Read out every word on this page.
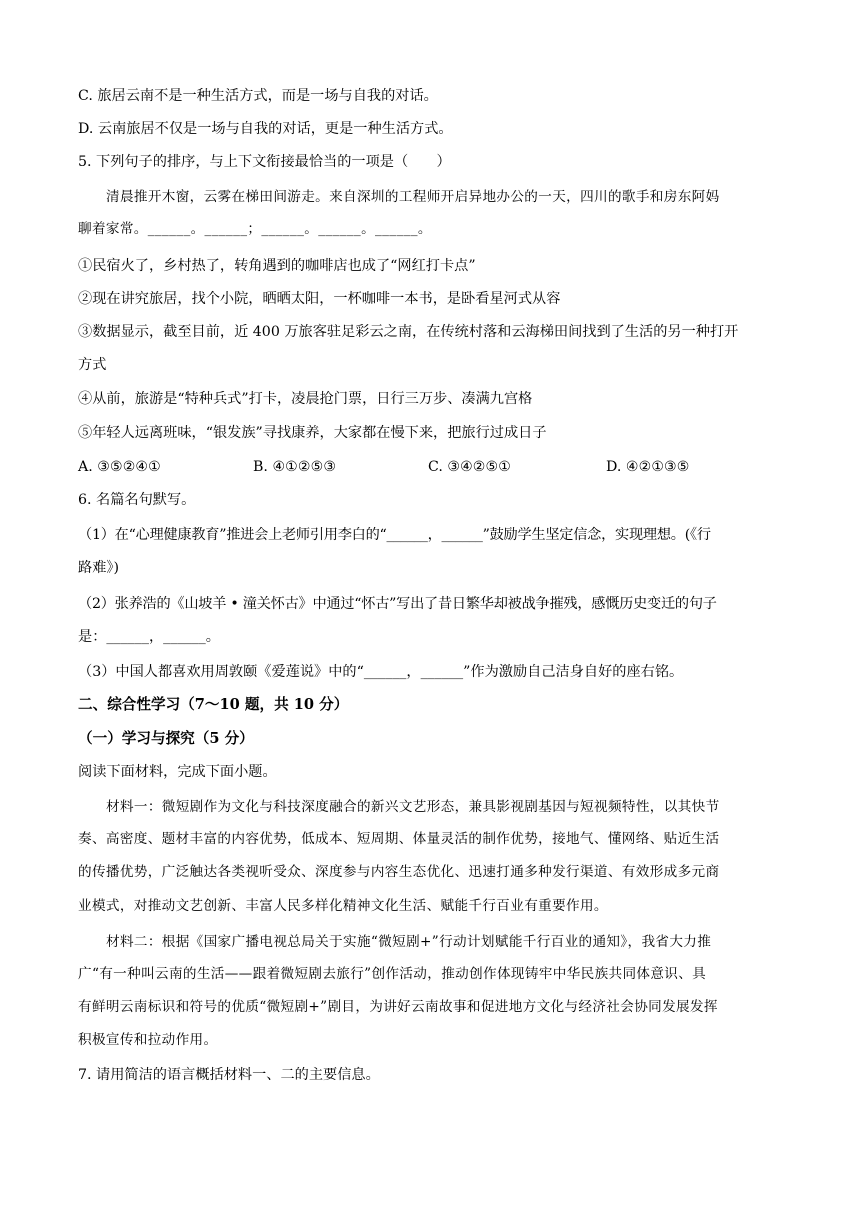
C. 旅居云南不是一种生活方式，而是一场与自我的对话。
D. 云南旅居不仅是一场与自我的对话，更是一种生活方式。
5. 下列句子的排序，与上下文衔接最恰当的一项是（　　）
清晨推开木窗，云雾在梯田间游走。来自深圳的工程师开启异地办公的一天，四川的歌手和房东阿妈
聊着家常。______。______；______。______。______。
①民宿火了，乡村热了，转角遇到的咖啡店也成了“网红打卡点”
②现在讲究旅居，找个小院，晒晒太阳，一杯咖啡一本书，是卧看星河式从容
③数据显示，截至目前，近 400 万旅客驻足彩云之南，在传统村落和云海梯田间找到了生活的另一种打开
方式
④从前，旅游是“特种兵式”打卡，凌晨抢门票，日行三万步、凑满九宫格
⑤年轻人远离班味，“银发族”寻找康养，大家都在慢下来，把旅行过成日子
A. ③⑤②④①	B. ④①②⑤③	C. ③④②⑤①	D. ④②①③⑤
6. 名篇名句默写。
（1）在“心理健康教育”推进会上老师引用李白的“______，______”鼓励学生坚定信念，实现理想。(《行
路难》)
（2）张养浩的《山坡羊 • 潼关怀古》中通过“怀古”写出了昔日繁华却被战争摧残，感慨历史变迁的句子
是：______，______。
（3）中国人都喜欢用周敦颐《爱莲说》中的“______，______”作为激励自己洁身自好的座右铭。
二、综合性学习（7～10 题，共 10 分）
（一）学习与探究（5 分）
阅读下面材料，完成下面小题。
材料一：微短剧作为文化与科技深度融合的新兴文艺形态，兼具影视剧基因与短视频特性，以其快节
奏、高密度、题材丰富的内容优势，低成本、短周期、体量灵活的制作优势，接地气、懂网络、贴近生活
的传播优势，广泛触达各类视听受众、深度参与内容生态优化、迅速打通多种发行渠道、有效形成多元商
业模式，对推动文艺创新、丰富人民多样化精神文化生活、赋能千行百业有重要作用。
材料二：根据《国家广播电视总局关于实施“微短剧+”行动计划赋能千行百业的通知》，我省大力推
广“有一种叫云南的生活——跟着微短剧去旅行”创作活动，推动创作体现铸牢中华民族共同体意识、具
有鲜明云南标识和符号的优质“微短剧+”剧目，为讲好云南故事和促进地方文化与经济社会协同发展发挥
积极宣传和拉动作用。
7. 请用简洁的语言概括材料一、二的主要信息。
